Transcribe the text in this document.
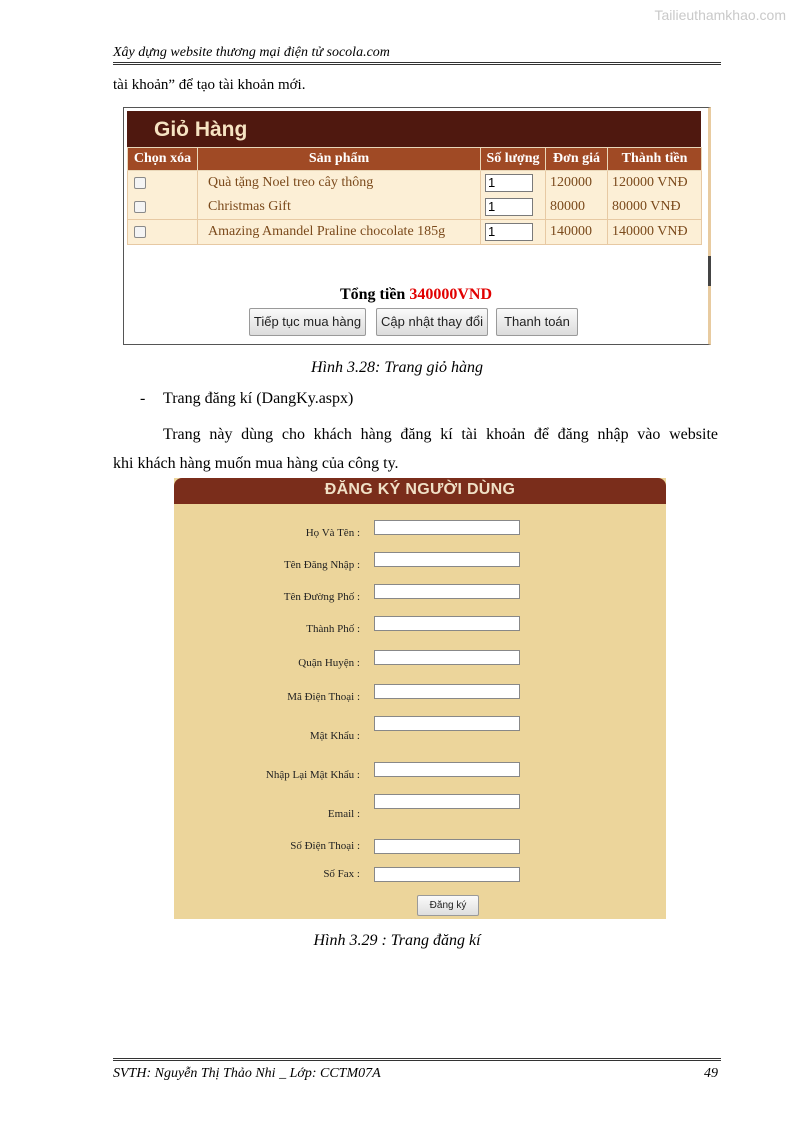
Tailieuthamkhao.com
Xây dựng website thương mại điện tử socola.com
tài khoản” để tạo tài khoản mới.
Giỏ Hàng
Chọn xóa	Sản phẩm	Số lượng	Đơn giá	Thành tiền
	Quà tặng Noel treo cây thông	1	120000	120000 VNĐ
	Christmas Gift	1	80000	80000 VNĐ
	Amazing Amandel Praline chocolate 185g	1	140000	140000 VNĐ
Tổng tiền 340000VND
Tiếp tục mua hàng	Cập nhật thay đổi	Thanh toán
Hình 3.28: Trang giỏ hàng
- Trang đăng kí (DangKy.aspx)
Trang này dùng cho khách hàng đăng kí tài khoản để đăng nhập vào website
khi khách hàng muốn mua hàng của công ty.
ĐĂNG KÝ NGƯỜI DÙNG
Họ Và Tên :
Tên Đăng Nhập :
Tên Đường Phố :
Thành Phố :
Quận Huyện :
Mã Điện Thoại :
Mật Khẩu :
Nhập Lại Mật Khẩu :
Email :
Số Điện Thoại :
Số Fax :
Đăng ký
Hình 3.29 : Trang đăng kí
SVTH: Nguyễn Thị Thảo Nhi _ Lớp: CCTM07A	49
